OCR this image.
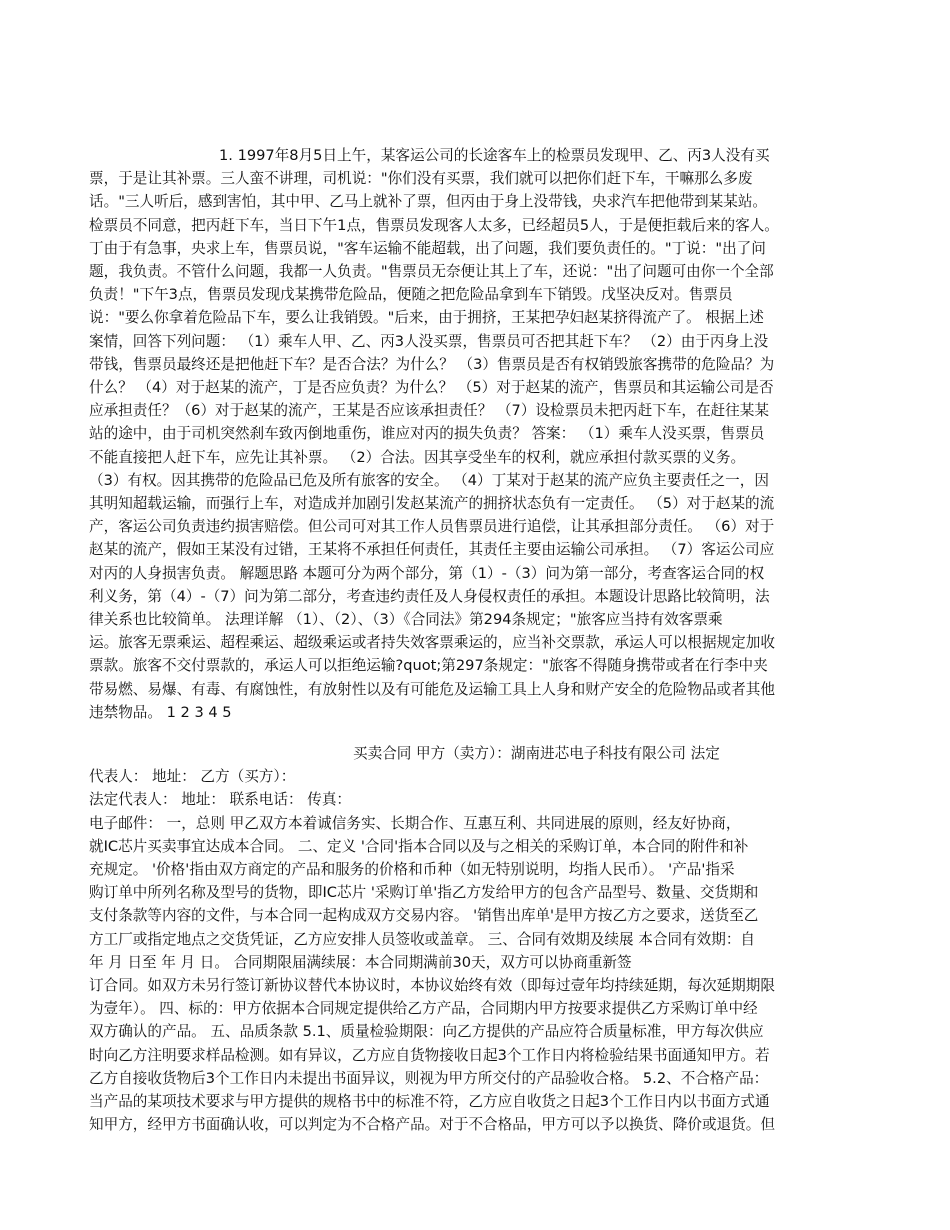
1. 1997年8月5日上午，某客运公司的长途客车上的检票员发现甲、乙、丙3人没有买
票，于是让其补票。三人蛮不讲理，司机说："你们没有买票，我们就可以把你们赶下车，干嘛那么多废
话。"三人听后，感到害怕，其中甲、乙马上就补了票，但丙由于身上没带钱，央求汽车把他带到某某站。
检票员不同意，把丙赶下车，当日下午1点，售票员发现客人太多，已经超员5人，于是便拒载后来的客人。
丁由于有急事，央求上车，售票员说，"客车运输不能超载，出了问题，我们要负责任的。"丁说："出了问
题，我负责。不管什么问题，我都一人负责。"售票员无奈便让其上了车，还说："出了问题可由你一个全部
负责！"下午3点，售票员发现戊某携带危险品，便随之把危险品拿到车下销毁。戊坚决反对。售票员
说："要么你拿着危险品下车，要么让我销毁。"后来，由于拥挤，王某把孕妇赵某挤得流产了。 根据上述
案情，回答下列问题： （1）乘车人甲、乙、丙3人没买票，售票员可否把其赶下车？ （2）由于丙身上没
带钱，售票员最终还是把他赶下车？是否合法？为什么？ （3）售票员是否有权销毁旅客携带的危险品？为
什么？ （4）对于赵某的流产，丁是否应负责？为什么？ （5）对于赵某的流产，售票员和其运输公司是否
应承担责任？（6）对于赵某的流产，王某是否应该承担责任？ （7）设检票员未把丙赶下车，在赶往某某
站的途中，由于司机突然刹车致丙倒地重伤，谁应对丙的损失负责？ 答案： （1）乘车人没买票，售票员
不能直接把人赶下车，应先让其补票。 （2）合法。因其享受坐车的权利，就应承担付款买票的义务。
（3）有权。因其携带的危险品已危及所有旅客的安全。 （4）丁某对于赵某的流产应负主要责任之一，因
其明知超载运输，而强行上车，对造成并加剧引发赵某流产的拥挤状态负有一定责任。 （5）对于赵某的流
产，客运公司负责违约损害赔偿。但公司可对其工作人员售票员进行追偿，让其承担部分责任。 （6）对于
赵某的流产，假如王某没有过错，王某将不承担任何责任，其责任主要由运输公司承担。 （7）客运公司应
对丙的人身损害负责。 解题思路 本题可分为两个部分，第（1）-（3）问为第一部分，考查客运合同的权
利义务，第（4）-（7）问为第二部分，考查违约责任及人身侵权责任的承担。本题设计思路比较简明，法
律关系也比较简单。 法理详解 （1）、（2）、（3）《合同法》第294条规定；"旅客应当持有效客票乘
运。旅客无票乘运、超程乘运、超级乘运或者持失效客票乘运的，应当补交票款，承运人可以根据规定加收
票款。旅客不交付票款的，承运人可以拒绝运输?quot;第297条规定："旅客不得随身携带或者在行李中夹
带易燃、易爆、有毒、有腐蚀性，有放射性以及有可能危及运输工具上人身和财产安全的危险物品或者其他
违禁物品。 1 2 3 4 5
买卖合同 甲方（卖方）：湖南进芯电子科技有限公司 法定
代表人： 地址： 乙方（买方）：
法定代表人： 地址： 联系电话： 传真：
电子邮件： 一，总则 甲乙双方本着诚信务实、长期合作、互惠互利、共同进展的原则，经友好协商，
就IC芯片买卖事宜达成本合同。 二、定义 '合同'指本合同以及与之相关的采购订单，本合同的附件和补
充规定。 '价格'指由双方商定的产品和服务的价格和币种（如无特别说明，均指人民币）。 '产品'指采
购订单中所列名称及型号的货物，即IC芯片 '采购订单'指乙方发给甲方的包含产品型号、数量、交货期和
支付条款等内容的文件，与本合同一起构成双方交易内容。 '销售出库单'是甲方按乙方之要求，送货至乙
方工厂或指定地点之交货凭证，乙方应安排人员签收或盖章。 三、合同有效期及续展 本合同有效期：自
年 月 日至 年 月 日。 合同期限届满续展：本合同期满前30天，双方可以协商重新签
订合同。如双方未另行签订新协议替代本协议时，本协议始终有效（即每过壹年均持续延期，每次延期期限
为壹年）。 四、标的：甲方依据本合同规定提供给乙方产品，合同期内甲方按要求提供乙方采购订单中经
双方确认的产品。 五、品质条款 5.1、质量检验期限：向乙方提供的产品应符合质量标准，甲方每次供应
时向乙方注明要求样品检测。如有异议，乙方应自货物接收日起3个工作日内将检验结果书面通知甲方。若
乙方自接收货物后3个工作日内未提出书面异议，则视为甲方所交付的产品验收合格。 5.2、不合格产品：
当产品的某项技术要求与甲方提供的规格书中的标准不符，乙方应自收货之日起3个工作日内以书面方式通
知甲方，经甲方书面确认收，可以判定为不合格产品。对于不合格品，甲方可以予以换货、降价或退货。但
